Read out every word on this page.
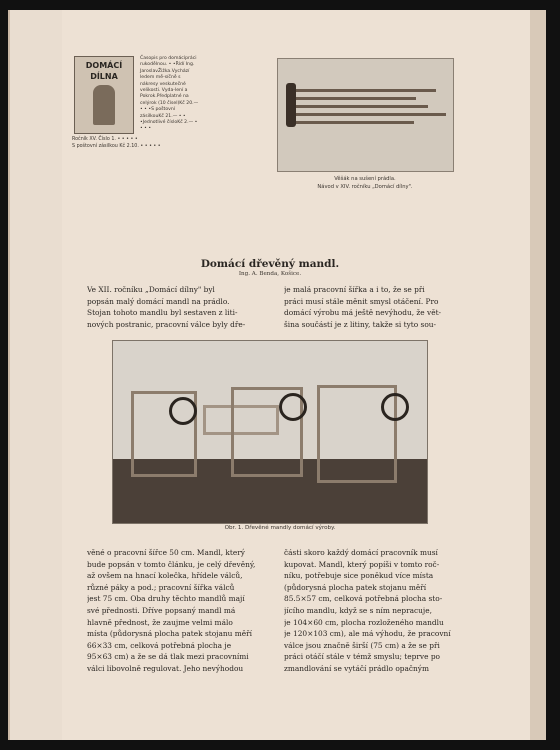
DOMÁCÍ
DÍLNA
Časopis pro domácípráci rukodělnou. • •Řídí Ing. JaroslavŽižka.Vychází ledem mě-síčně s nákresy veskutečné velikosti. Vyda-lení a Pokrok.Předplatné na celýrok (10 čísel)Kč 20.— • • •S poštovní zásilkouKč 21.— • • •Jednotlivé čísloKč 2.— • • • •
Ročník XV. Číslo 1. • • • • •
S poštovní zásilkou Kč 2.10. • • • • •
Věšák na sušení prádla.
Návod v XIV. ročníku „Domácí dílny".
Domácí dřevěný mandl.
Ing. A. Benda, Košice.
Ve XII. ročníku „Domácí dílny" byl
popsán malý domácí mandl na prádlo.
Stojan tohoto mandlu byl sestaven z liti-
nových postranic, pracovní válce byly dře-
je malá pracovní šířka a i to, že se při
práci musí stále měnit smysl otáčení. Pro
domácí výrobu má ještě nevýhodu, že vět-
šina součástí je z litiny, takže si tyto sou-
Obr. 1. Dřevěné mandly domácí výroby.
věné o pracovní šířce 50 cm. Mandl, který
bude popsán v tomto článku, je celý dřevěný,
až ovšem na hnací kolečka, hřídele válců,
různé páky a pod.; pracovní šířka válců
jest 75 cm. Oba druhy těchto mandlů mají
své přednosti. Dříve popsaný mandl má
hlavně přednost, že zaujme velmi málo
místa (půdorysná plocha patek stojanu měří
66×33 cm, celková potřebná plocha je
95×63 cm) a že se dá tlak mezi pracovními
válci libovolně regulovat. Jeho nevýhodou
části skoro každý domácí pracovník musí
kupovat. Mandl, který popíši v tomto roč-
níku, potřebuje sice poněkud více místa
(půdorysná plocha patek stojanu měří
85.5×57 cm, celková potřebná plocha sto-
jícího mandlu, když se s ním nepracuje,
je 104×60 cm, plocha rozloženého mandlu
je 120×103 cm), ale má výhodu, že pracovní
válce jsou značně širší (75 cm) a že se při
práci otáčí stále v témž smyslu; teprve po
zmandlování se vytáčí prádlo opačným
